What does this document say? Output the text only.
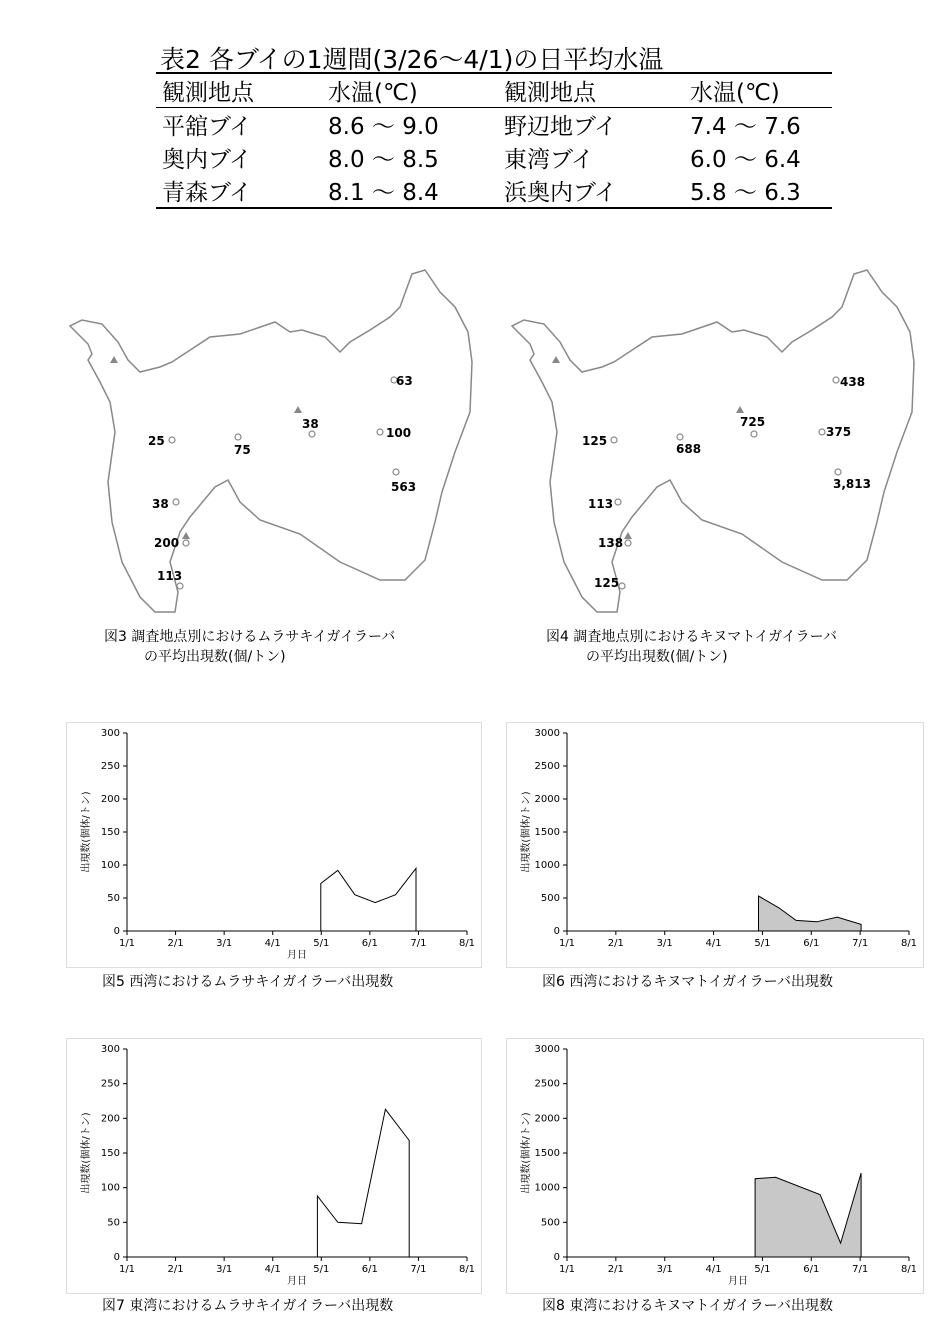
表2 各ブイの1週間(3/26〜4/1)の日平均水温
観測地点	水温(℃)	観測地点	水温(℃)
平舘ブイ	8.6 〜 9.0	野辺地ブイ	7.4 〜 7.6
奥内ブイ	8.0 〜 8.5	東湾ブイ	6.0 〜 6.4
青森ブイ	8.1 〜 8.4	浜奥内ブイ	5.8 〜 6.3
63
38
100
25
75
563
38
200
113
図3 調査地点別におけるムラサキイガイラーバ
の平均出現数(個/トン)
438
725
375
125
688
3,813
113
138
125
図4 調査地点別におけるキヌマトイガイラーバ
の平均出現数(個/トン)
0
50
100
150
200
250
300
1/1	2/1	3/1	4/1	5/1	6/1	7/1	8/1
月日
出現数(個体/トン)
図5 西湾におけるムラサキイガイラーバ出現数
0
500
1000
1500
2000
2500
3000
1/1	2/1	3/1	4/1	5/1	6/1	7/1	8/1
出現数(個体/トン)
図6 西湾におけるキヌマトイガイラーバ出現数
0
50
100
150
200
250
300
1/1	2/1	3/1	4/1	5/1	6/1	7/1	8/1
月日
出現数(個体/トン)
図7 東湾におけるムラサキイガイラーバ出現数
0
500
1000
1500
2000
2500
3000
1/1	2/1	3/1	4/1	5/1	6/1	7/1	8/1
月日
出現数(個体/トン)
図8 東湾におけるキヌマトイガイラーバ出現数
